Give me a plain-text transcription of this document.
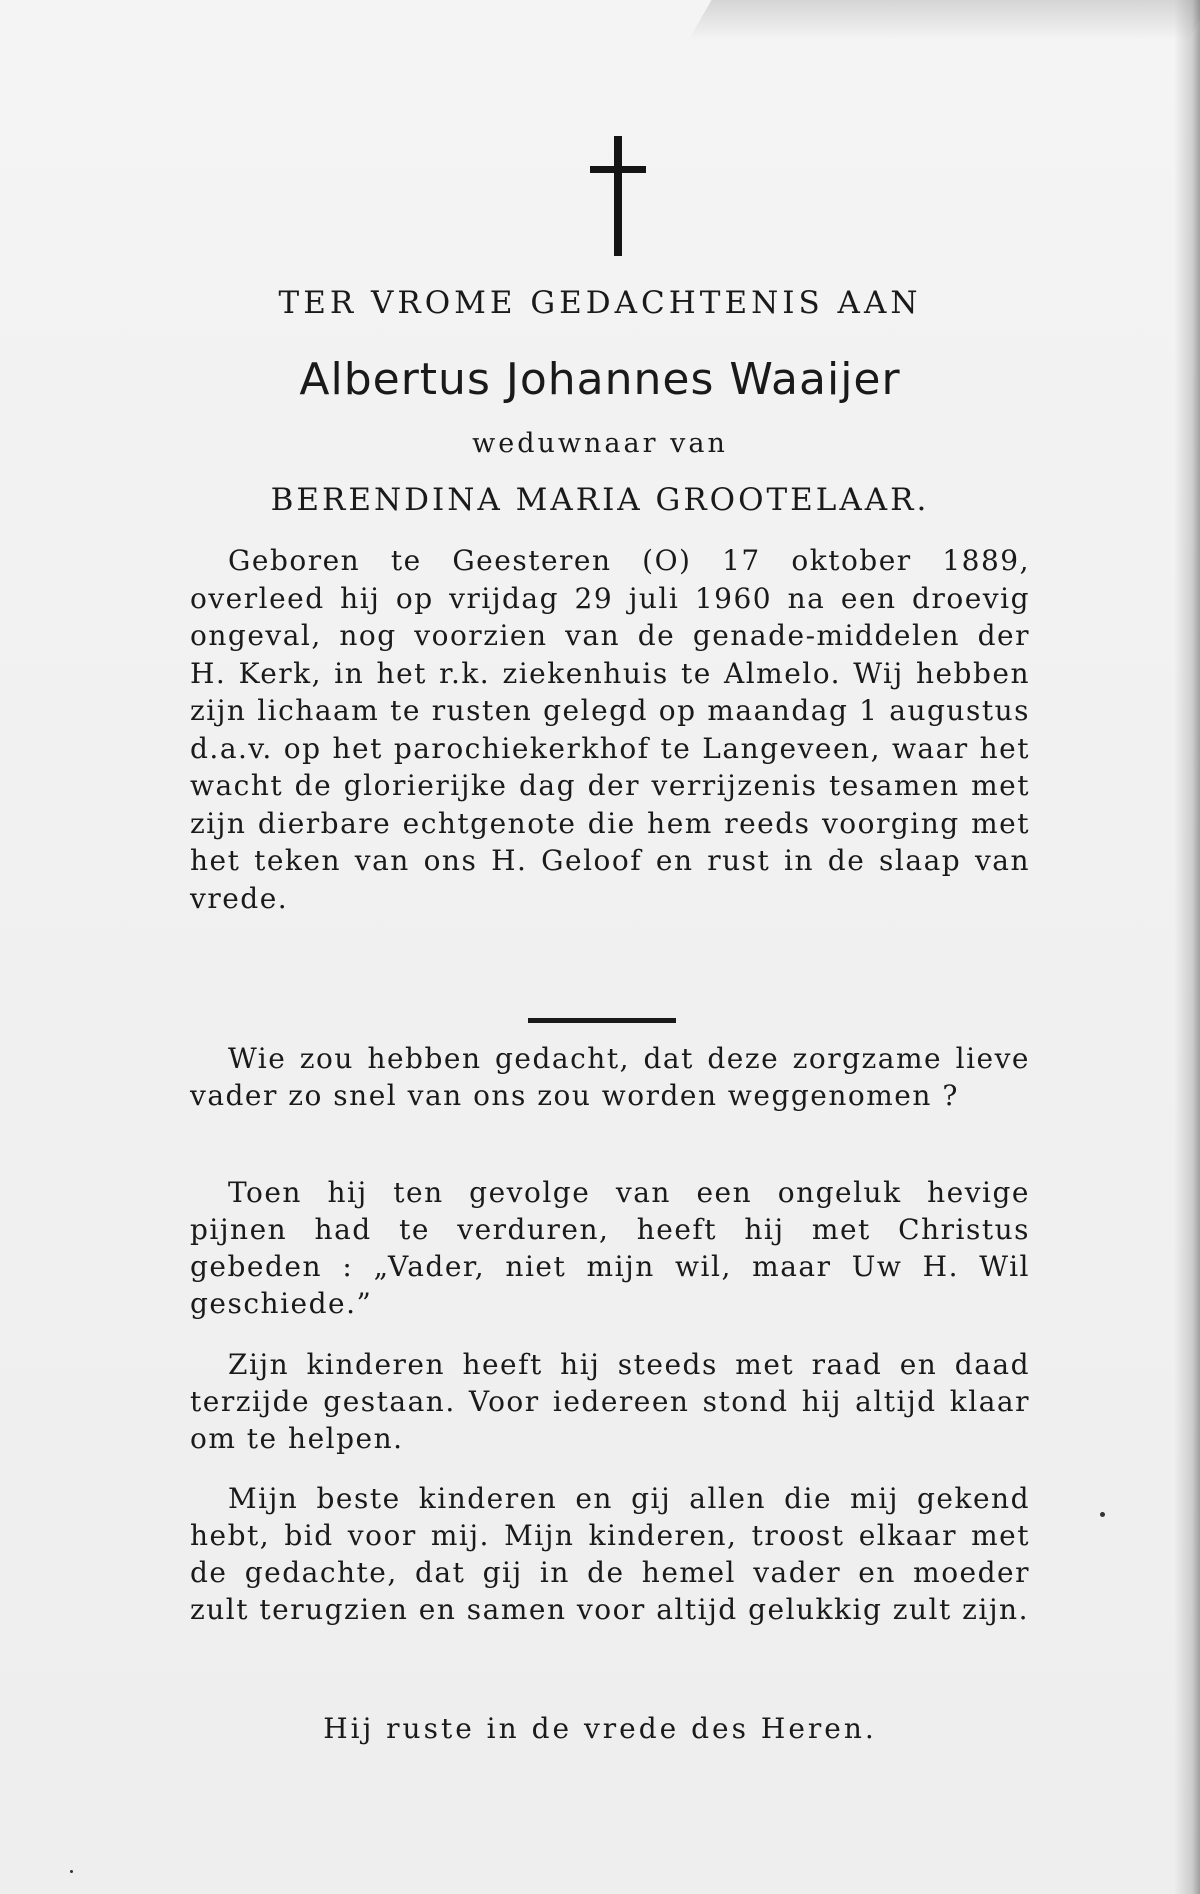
TER VROME GEDACHTENIS AAN
Albertus Johannes Waaijer
weduwnaar van
BERENDINA MARIA GROOTELAAR.

Geboren te Geesteren (O) 17 oktober 1889, overleed hij op vrijdag 29 juli 1960 na een droevig ongeval, nog voorzien van de genade-middelen der H. Kerk, in het r.k. ziekenhuis te Almelo. Wij hebben zijn lichaam te rusten gelegd op maandag 1 augustus d.a.v. op het parochiekerkhof te Langeveen, waar het wacht de glorierijke dag der verrijzenis tesamen met zijn dierbare echtgenote die hem reeds voorging met het teken van ons H. Geloof en rust in de slaap van vrede.

Wie zou hebben gedacht, dat deze zorgzame lieve vader zo snel van ons zou worden weggenomen ?

Toen hij ten gevolge van een ongeluk hevige pijnen had te verduren, heeft hij met Christus gebeden : „Vader, niet mijn wil, maar Uw H. Wil geschiede.”

Zijn kinderen heeft hij steeds met raad en daad terzijde gestaan. Voor iedereen stond hij altijd klaar om te helpen.

Mijn beste kinderen en gij allen die mij gekend hebt, bid voor mij. Mijn kinderen, troost elkaar met de gedachte, dat gij in de hemel vader en moeder zult terugzien en samen voor altijd gelukkig zult zijn.

Hij ruste in de vrede des Heren.
